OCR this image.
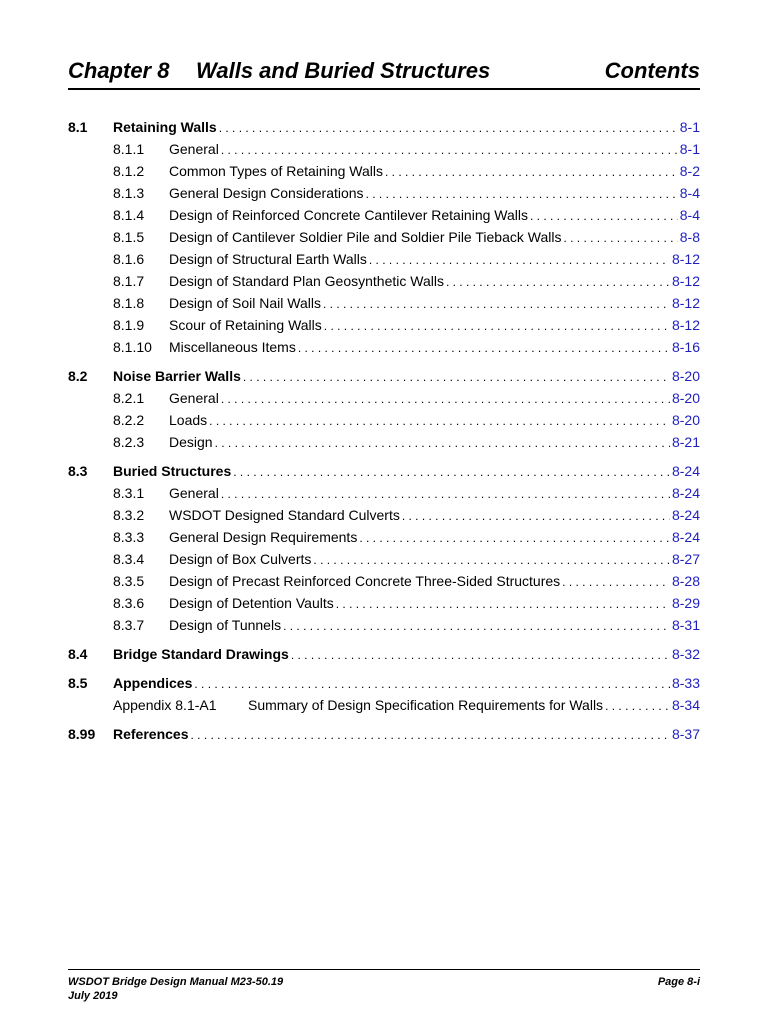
Chapter 8 Walls and Buried Structures	Contents
8.1	Retaining Walls . . .	8-1
8.1.1	General . . .	8-1
8.1.2	Common Types of Retaining Walls . . .	8-2
8.1.3	General Design Considerations . . .	8-4
8.1.4	Design of Reinforced Concrete Cantilever Retaining Walls . . .	8-4
8.1.5	Design of Cantilever Soldier Pile and Soldier Pile Tieback Walls . . .	8-8
8.1.6	Design of Structural Earth Walls . . .	8-12
8.1.7	Design of Standard Plan Geosynthetic Walls . . .	8-12
8.1.8	Design of Soil Nail Walls . . .	8-12
8.1.9	Scour of Retaining Walls . . .	8-12
8.1.10	Miscellaneous Items . . .	8-16
8.2	Noise Barrier Walls . . .	8-20
8.2.1	General . . .	8-20
8.2.2	Loads . . .	8-20
8.2.3	Design . . .	8-21
8.3	Buried Structures . . .	8-24
8.3.1	General . . .	8-24
8.3.2	WSDOT Designed Standard Culverts . . .	8-24
8.3.3	General Design Requirements . . .	8-24
8.3.4	Design of Box Culverts . . .	8-27
8.3.5	Design of Precast Reinforced Concrete Three-Sided Structures . . .	8-28
8.3.6	Design of Detention Vaults . . .	8-29
8.3.7	Design of Tunnels . . .	8-31
8.4	Bridge Standard Drawings . . .	8-32
8.5	Appendices . . .	8-33
Appendix 8.1-A1	Summary of Design Specification Requirements for Walls . . .	8-34
8.99	References . . .	8-37
WSDOT Bridge Design Manual M23-50.19
July 2019
Page 8-i
